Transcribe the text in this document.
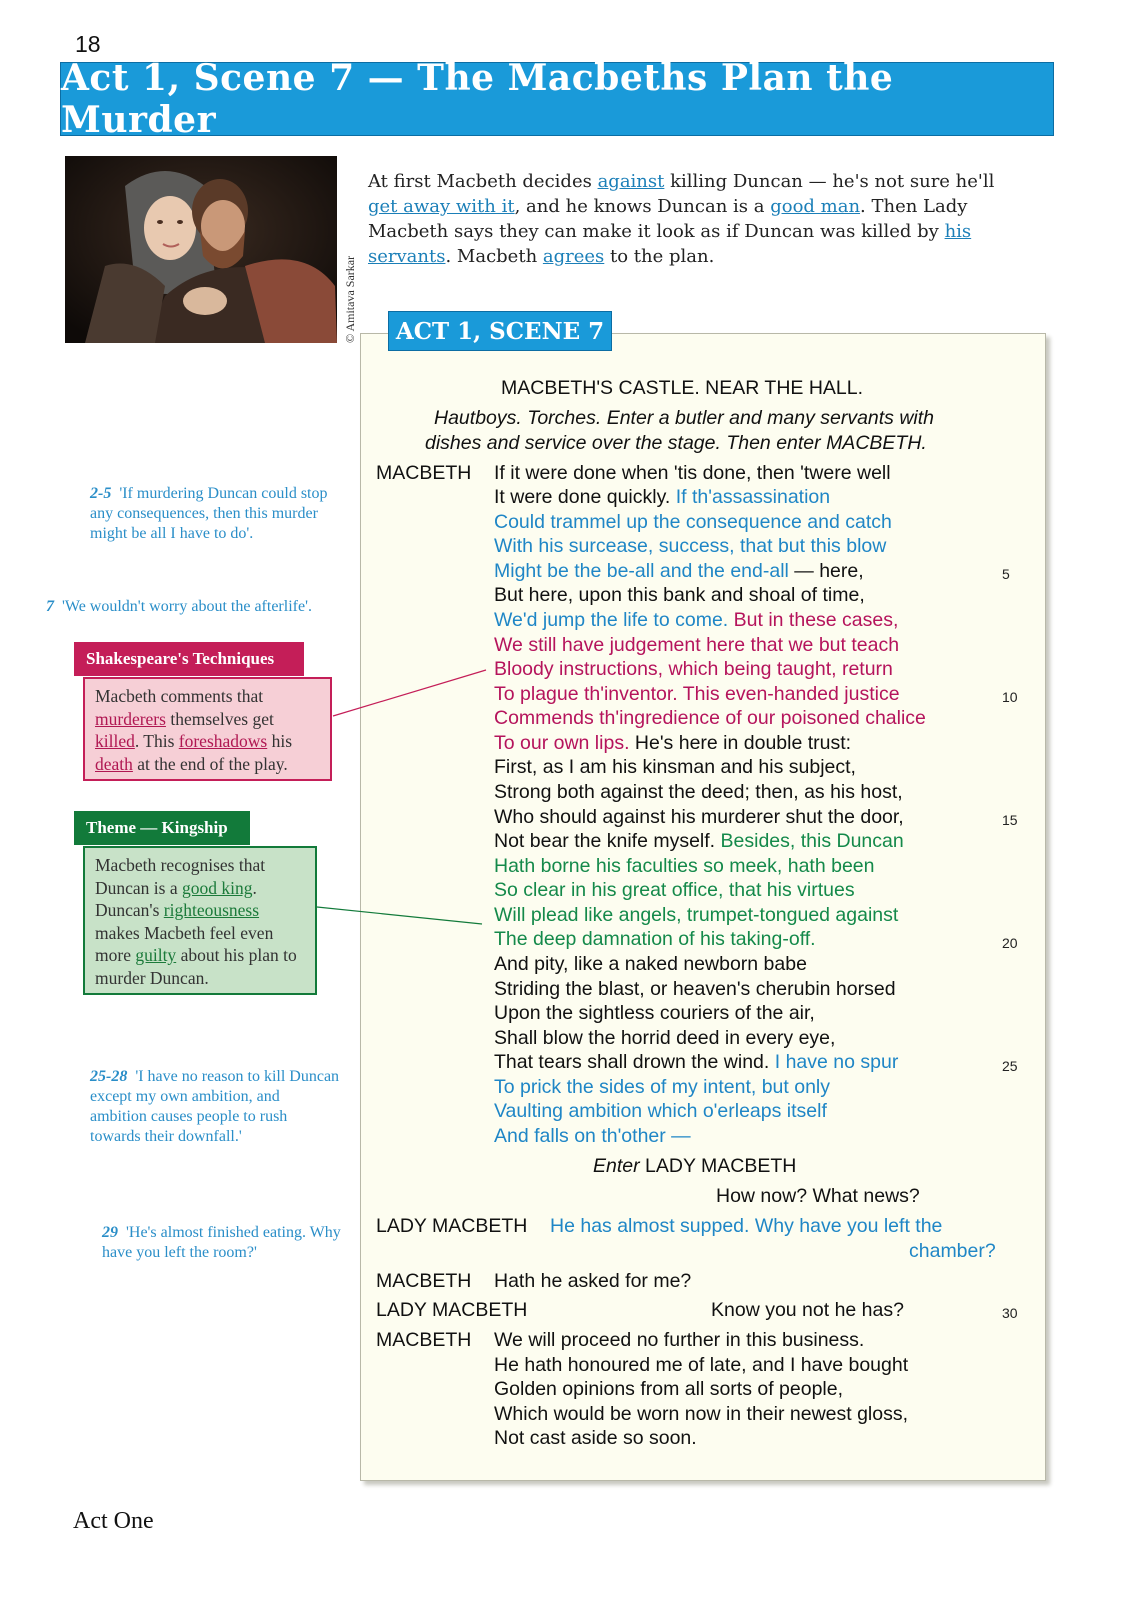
18
Act 1, Scene 7 — The Macbeths Plan the Murder
© Amitava Sarkar
At first Macbeth decides against killing Duncan — he's not sure he'll get away with it, and he knows Duncan is a good man. Then Lady Macbeth says they can make it look as if Duncan was killed by his servants. Macbeth agrees to the plan.
2-5 'If murdering Duncan could stop any consequences, then this murder might be all I have to do'.
7 'We wouldn't worry about the afterlife'.
Shakespeare's Techniques
Macbeth comments that murderers themselves get killed. This foreshadows his death at the end of the play.
Theme — Kingship
Macbeth recognises that Duncan is a good king. Duncan's righteousness makes Macbeth feel even more guilty about his plan to murder Duncan.
25-28 'I have no reason to kill Duncan except my own ambition, and ambition causes people to rush towards their downfall.'
29 'He's almost finished eating. Why have you left the room?'
ACT 1, SCENE 7
MACBETH'S CASTLE. NEAR THE HALL.
Hautboys. Torches. Enter a butler and many servants with
dishes and service over the stage. Then enter MACBETH.
MACBETH If it were done when 'tis done, then 'twere well
It were done quickly. If th'assassination
Could trammel up the consequence and catch
With his surcease, success, that but this blow
Might be the be-all and the end-all — here,
But here, upon this bank and shoal of time,
We'd jump the life to come. But in these cases,
We still have judgement here that we but teach
Bloody instructions, which being taught, return
To plague th'inventor. This even-handed justice
Commends th'ingredience of our poisoned chalice
To our own lips. He's here in double trust:
First, as I am his kinsman and his subject,
Strong both against the deed; then, as his host,
Who should against his murderer shut the door,
Not bear the knife myself. Besides, this Duncan
Hath borne his faculties so meek, hath been
So clear in his great office, that his virtues
Will plead like angels, trumpet-tongued against
The deep damnation of his taking-off.
And pity, like a naked newborn babe
Striding the blast, or heaven's cherubin horsed
Upon the sightless couriers of the air,
Shall blow the horrid deed in every eye,
That tears shall drown the wind. I have no spur
To prick the sides of my intent, but only
Vaulting ambition which o'erleaps itself
And falls on th'other —
Enter LADY MACBETH
How now? What news?
LADY MACBETH He has almost supped. Why have you left the
chamber?
MACBETH Hath he asked for me?
LADY MACBETH	Know you not he has?
MACBETH We will proceed no further in this business.
He hath honoured me of late, and I have bought
Golden opinions from all sorts of people,
Which would be worn now in their newest gloss,
Not cast aside so soon.
5
10
15
20
25
30
Act One
